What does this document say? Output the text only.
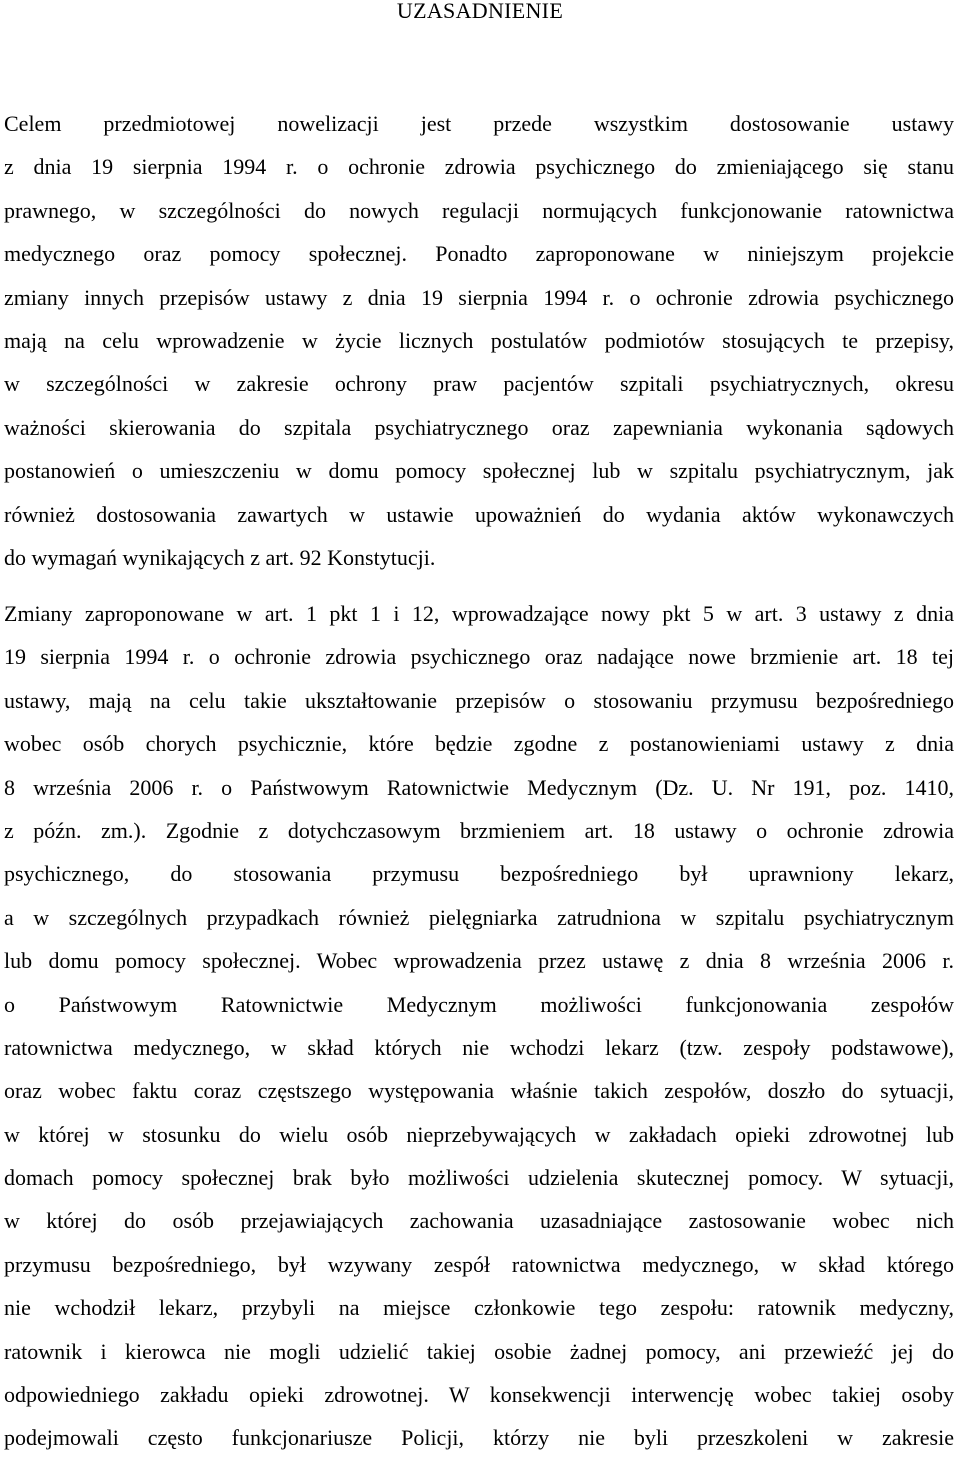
UZASADNIENIE
Celem przedmiotowej nowelizacji jest przede wszystkim dostosowanie ustawy
z dnia 19 sierpnia 1994 r. o ochronie zdrowia psychicznego do zmieniającego się stanu
prawnego, w szczególności do nowych regulacji normujących funkcjonowanie ratownictwa
medycznego oraz pomocy społecznej. Ponadto zaproponowane w niniejszym projekcie
zmiany innych przepisów ustawy z dnia 19 sierpnia 1994 r. o ochronie zdrowia psychicznego
mają na celu wprowadzenie w życie licznych postulatów podmiotów stosujących te przepisy,
w szczególności w zakresie ochrony praw pacjentów szpitali psychiatrycznych, okresu
ważności skierowania do szpitala psychiatrycznego oraz zapewniania wykonania sądowych
postanowień o umieszczeniu w domu pomocy społecznej lub w szpitalu psychiatrycznym, jak
również dostosowania zawartych w ustawie upoważnień do wydania aktów wykonawczych
do wymagań wynikających z art. 92 Konstytucji.
Zmiany zaproponowane w art. 1 pkt 1 i 12, wprowadzające nowy pkt 5 w art. 3 ustawy z dnia
19 sierpnia 1994 r. o ochronie zdrowia psychicznego oraz nadające nowe brzmienie art. 18 tej
ustawy, mają na celu takie ukształtowanie przepisów o stosowaniu przymusu bezpośredniego
wobec osób chorych psychicznie, które będzie zgodne z postanowieniami ustawy z dnia
8 września 2006 r. o Państwowym Ratownictwie Medycznym (Dz. U. Nr 191, poz. 1410,
z późn. zm.). Zgodnie z dotychczasowym brzmieniem art. 18 ustawy o ochronie zdrowia
psychicznego, do stosowania przymusu bezpośredniego był uprawniony lekarz,
a w szczególnych przypadkach również pielęgniarka zatrudniona w szpitalu psychiatrycznym
lub domu pomocy społecznej. Wobec wprowadzenia przez ustawę z dnia 8 września 2006 r.
o Państwowym Ratownictwie Medycznym możliwości funkcjonowania zespołów
ratownictwa medycznego, w skład których nie wchodzi lekarz (tzw. zespoły podstawowe),
oraz wobec faktu coraz częstszego występowania właśnie takich zespołów, doszło do sytuacji,
w której w stosunku do wielu osób nieprzebywających w zakładach opieki zdrowotnej lub
domach pomocy społecznej brak było możliwości udzielenia skutecznej pomocy. W sytuacji,
w której do osób przejawiających zachowania uzasadniające zastosowanie wobec nich
przymusu bezpośredniego, był wzywany zespół ratownictwa medycznego, w skład którego
nie wchodził lekarz, przybyli na miejsce członkowie tego zespołu: ratownik medyczny,
ratownik i kierowca nie mogli udzielić takiej osobie żadnej pomocy, ani przewieźć jej do
odpowiedniego zakładu opieki zdrowotnej. W konsekwencji interwencję wobec takiej osoby
podejmowali często funkcjonariusze Policji, którzy nie byli przeszkoleni w zakresie
